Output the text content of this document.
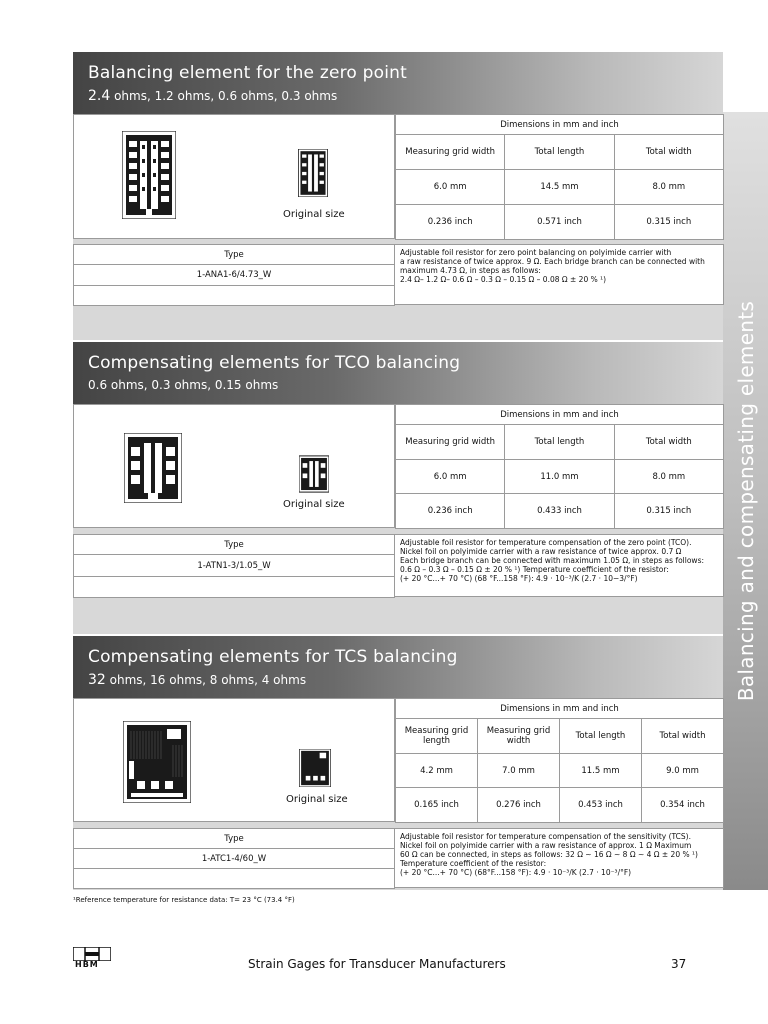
Balancing and compensating elements
Balancing element for the zero point
2.4 ohms, 1.2 ohms, 0.6 ohms, 0.3 ohms
Original size
Dimensions in mm and inch		
Measuring grid width	Total length	Total width
6.0 mm	14.5 mm	8.0 mm
0.236 inch	0.571 inch	0.315 inch
Type
1-ANA1-6/4.73_W

Adjustable foil resistor for zero point balancing on polyimide carrier with
a raw resistance of twice approx. 9 Ω. Each bridge branch can be connected with
maximum 4.73 Ω, in steps as follows:
2.4 Ω– 1.2 Ω– 0.6 Ω – 0.3 Ω – 0.15 Ω – 0.08 Ω ± 20 % ¹)
Compensating elements for TCO balancing
0.6 ohms, 0.3 ohms, 0.15 ohms
Original size
Dimensions in mm and inch		
Measuring grid width	Total length	Total width
6.0 mm	11.0 mm	8.0 mm
0.236 inch	0.433 inch	0.315 inch
Type
1-ATN1-3/1.05_W

Adjustable foil resistor for temperature compensation of the zero point (TCO).
Nickel foil on polyimide carrier with a raw resistance of twice approx. 0.7 Ω
Each bridge branch can be connected with maximum 1.05 Ω, in steps as follows:
0.6 Ω – 0.3 Ω – 0.15 Ω ± 20 % ¹) Temperature coefficient of the resistor:
(+ 20 °C...+ 70 °C) (68 °F...158 °F): 4.9 · 10⁻³/K (2.7 · 10−3/°F)
Compensating elements for TCS balancing
32 ohms, 16 ohms, 8 ohms, 4 ohms
Original size
Dimensions in mm and inch			
Measuring grid length	Measuring grid width	Total length	Total width
4.2 mm	7.0 mm	11.5 mm	9.0 mm
0.165 inch	0.276 inch	0.453 inch	0.354 inch
Type
1-ATC1-4/60_W

Adjustable foil resistor for temperature compensation of the sensitivity (TCS).
Nickel foil on polyimide carrier with a raw resistance of approx. 1 Ω Maximum
60 Ω can be connected, in steps as follows: 32 Ω ~ 16 Ω ~ 8 Ω ~ 4 Ω ± 20 % ¹)
Temperature coefficient of the resistor:
(+ 20 °C...+ 70 °C) (68°F...158 °F): 4.9 · 10⁻³/K (2.7 · 10⁻³/°F)
¹Reference temperature for resistance data: T= 23 °C (73.4 °F)
HBM	Strain Gages for Transducer Manufacturers	37
